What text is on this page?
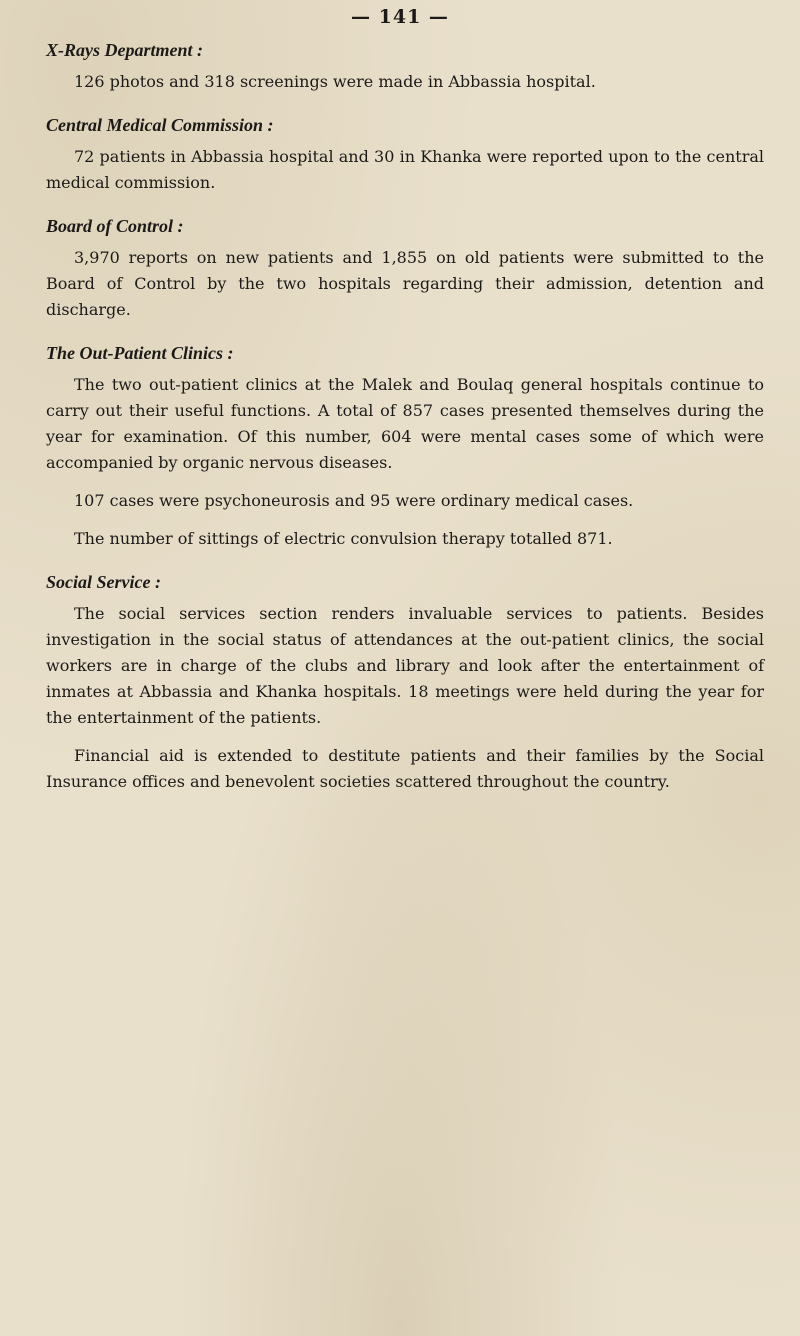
— 141 —
X-Rays Department :

126 photos and 318 screenings were made in Abbassia hospital.

Central Medical Commission :

72 patients in Abbassia hospital and 30 in Khanka were reported upon to the central medical commission.

Board of Control :

3,970 reports on new patients and 1,855 on old patients were submitted to the Board of Control by the two hospitals regarding their admission, detention and discharge.

The Out-Patient Clinics :

The two out-patient clinics at the Malek and Boulaq general hospitals continue to carry out their useful functions. A total of 857 cases presented themselves during the year for examination. Of this number, 604 were mental cases some of which were accompanied by organic nervous diseases.

107 cases were psychoneurosis and 95 were ordinary medical cases.

The number of sittings of electric convulsion therapy totalled 871.

Social Service :

The social services section renders invaluable services to patients. Besides investigation in the social status of attendances at the out-patient clinics, the social workers are in charge of the clubs and library and look after the entertainment of inmates at Abbassia and Khanka hospitals. 18 meetings were held during the year for the entertainment of the patients.

Financial aid is extended to destitute patients and their families by the Social Insurance offices and benevolent societies scattered throughout the country.
